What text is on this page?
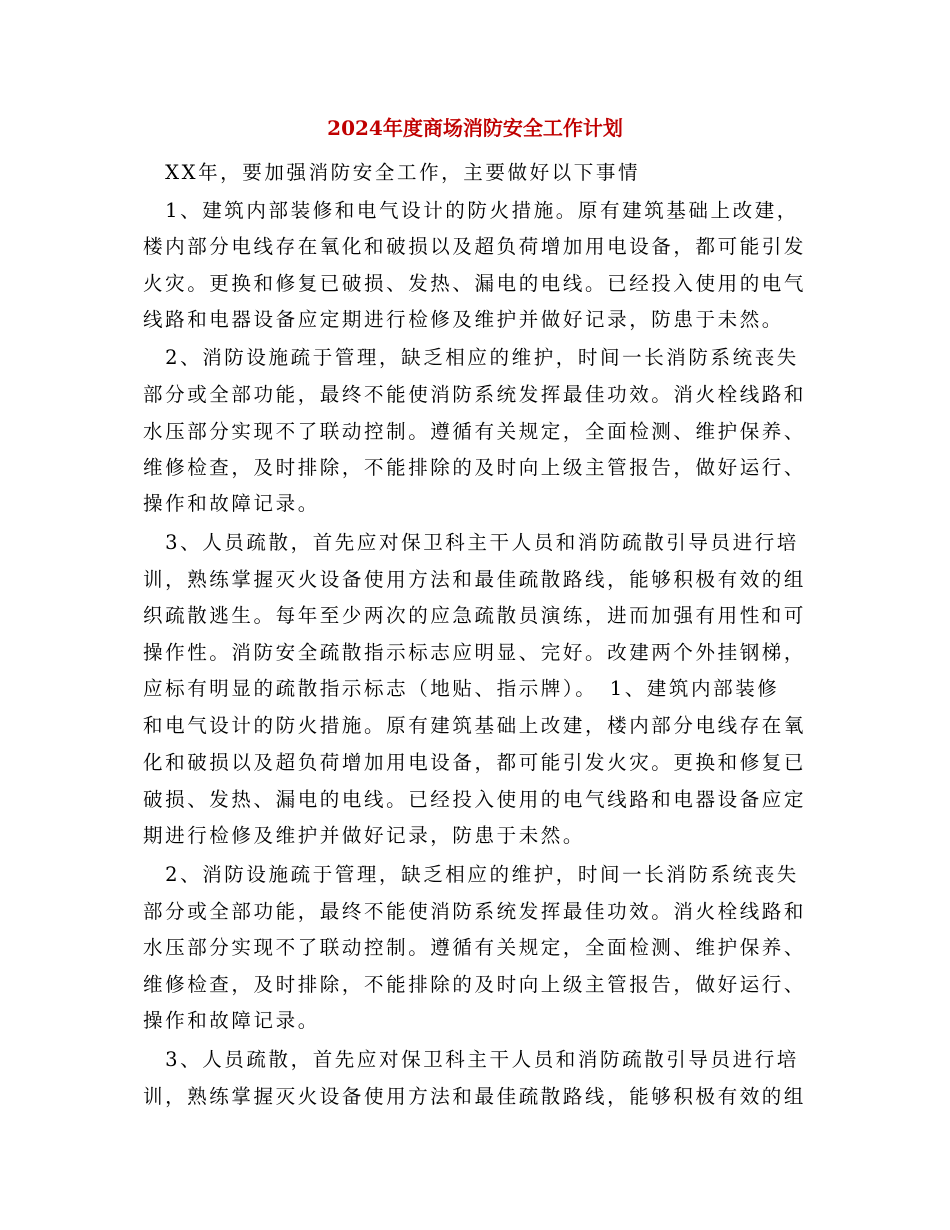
2024年度商场消防安全工作计划
　XX年，要加强消防安全工作，主要做好以下事情
　1、建筑内部装修和电气设计的防火措施。原有建筑基础上改建，
楼内部分电线存在氧化和破损以及超负荷增加用电设备，都可能引发
火灾。更换和修复已破损、发热、漏电的电线。已经投入使用的电气
线路和电器设备应定期进行检修及维护并做好记录，防患于未然。
　2、消防设施疏于管理，缺乏相应的维护，时间一长消防系统丧失
部分或全部功能，最终不能使消防系统发挥最佳功效。消火栓线路和
水压部分实现不了联动控制。遵循有关规定，全面检测、维护保养、
维修检查，及时排除，不能排除的及时向上级主管报告，做好运行、
操作和故障记录。
　3、人员疏散，首先应对保卫科主干人员和消防疏散引导员进行培
训，熟练掌握灭火设备使用方法和最佳疏散路线，能够积极有效的组
织疏散逃生。每年至少两次的应急疏散员演练，进而加强有用性和可
操作性。消防安全疏散指示标志应明显、完好。改建两个外挂钢梯，
应标有明显的疏散指示标志（地贴、指示牌）。　1、建筑内部装修
和电气设计的防火措施。原有建筑基础上改建，楼内部分电线存在氧
化和破损以及超负荷增加用电设备，都可能引发火灾。更换和修复已
破损、发热、漏电的电线。已经投入使用的电气线路和电器设备应定
期进行检修及维护并做好记录，防患于未然。
　2、消防设施疏于管理，缺乏相应的维护，时间一长消防系统丧失
部分或全部功能，最终不能使消防系统发挥最佳功效。消火栓线路和
水压部分实现不了联动控制。遵循有关规定，全面检测、维护保养、
维修检查，及时排除，不能排除的及时向上级主管报告，做好运行、
操作和故障记录。
　3、人员疏散，首先应对保卫科主干人员和消防疏散引导员进行培
训，熟练掌握灭火设备使用方法和最佳疏散路线，能够积极有效的组
